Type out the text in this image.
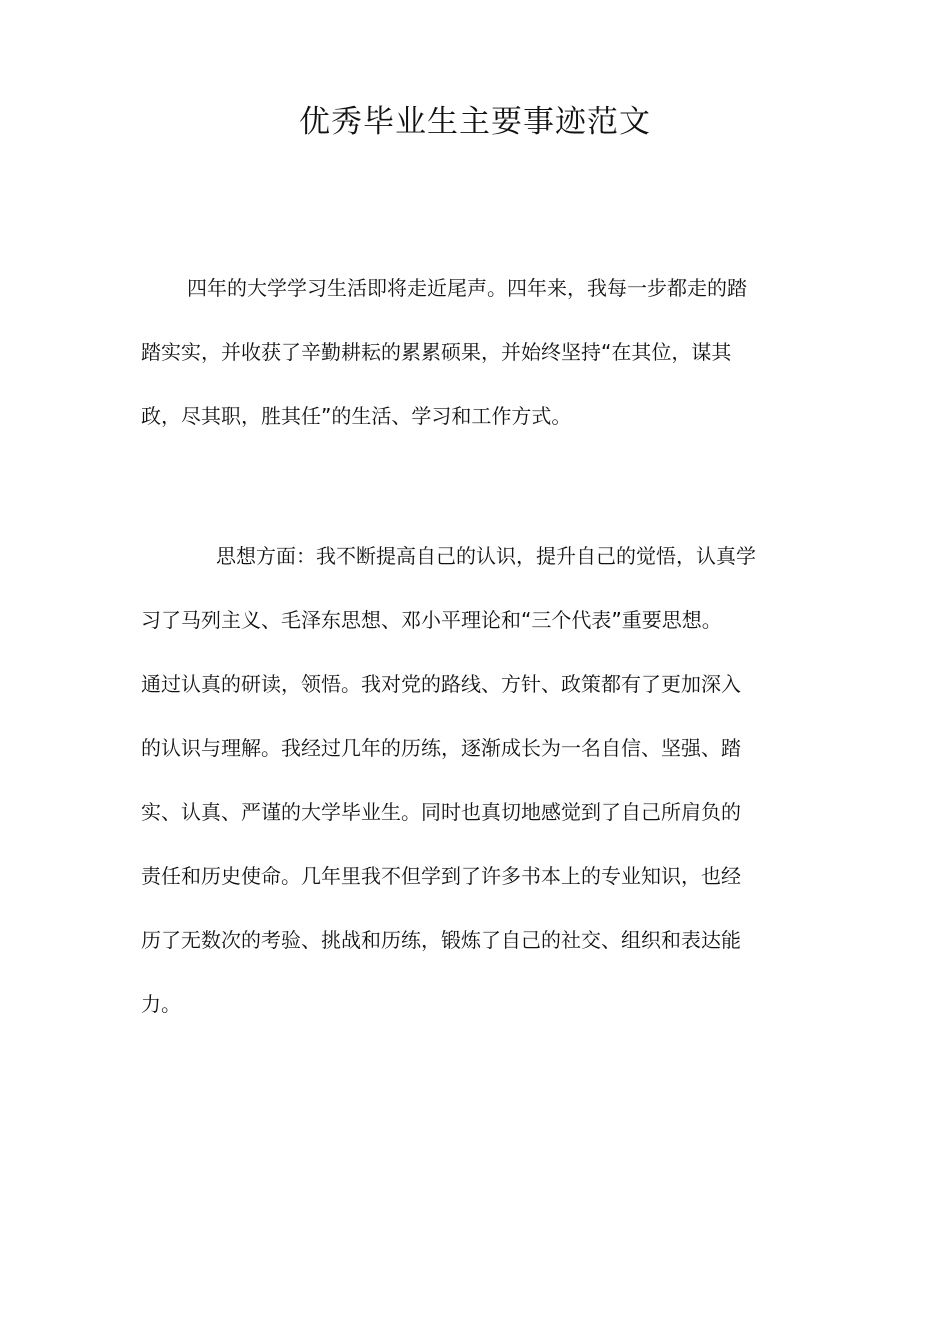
优秀毕业生主要事迹范文
四年的大学学习生活即将走近尾声。四年来，我每一步都走的踏
踏实实，并收获了辛勤耕耘的累累硕果，并始终坚持“在其位，谋其
政，尽其职，胜其任”的生活、学习和工作方式。
思想方面：我不断提高自己的认识，提升自己的觉悟，认真学
习了马列主义、毛泽东思想、邓小平理论和“三个代表”重要思想。
通过认真的研读，领悟。我对党的路线、方针、政策都有了更加深入
的认识与理解。我经过几年的历练，逐渐成长为一名自信、坚强、踏
实、认真、严谨的大学毕业生。同时也真切地感觉到了自己所肩负的
责任和历史使命。几年里我不但学到了许多书本上的专业知识，也经
历了无数次的考验、挑战和历练，锻炼了自己的社交、组织和表达能
力。
